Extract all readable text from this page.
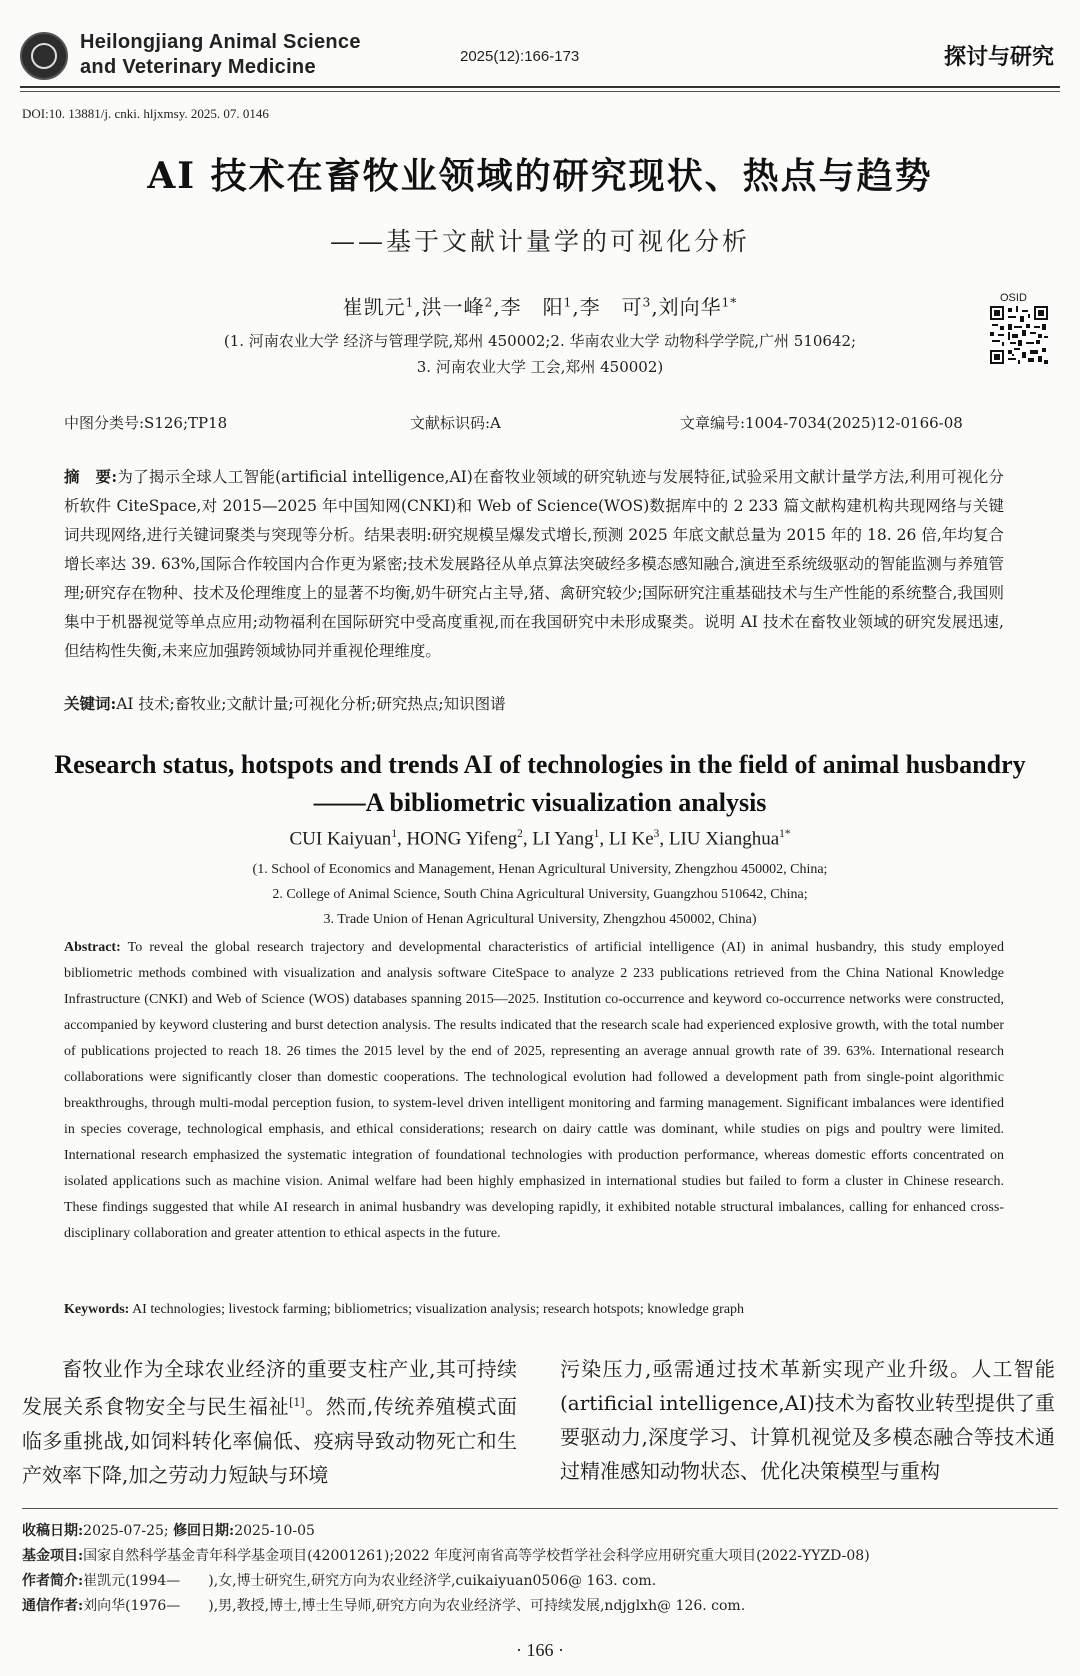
Heilongjiang Animal Science
and Veterinary Medicine	2025(12):166-173	探讨与研究
DOI:10. 13881/j. cnki. hljxmsy. 2025. 07. 0146
AI 技术在畜牧业领域的研究现状、热点与趋势
——基于文献计量学的可视化分析
崔凯元$^1$,洪一峰$^2$,李　阳$^1$,李　可$^3$,刘向华$^{1*}$
(1. 河南农业大学 经济与管理学院,郑州 450002;2. 华南农业大学 动物科学学院,广州 510642;
3. 河南农业大学 工会,郑州 450002)
OSID
中图分类号:S126;TP18	文献标识码:A	文章编号:1004-7034(2025)12-0166-08
摘　要:为了揭示全球人工智能(artificial intelligence,AI)在畜牧业领域的研究轨迹与发展特征,试验采用文献计量学方法,利用可视化分析软件 CiteSpace,对 2015—2025 年中国知网(CNKI)和 Web of Science(WOS)数据库中的 2 233 篇文献构建机构共现网络与关键词共现网络,进行关键词聚类与突现等分析。结果表明:研究规模呈爆发式增长,预测 2025 年底文献总量为 2015 年的 18. 26 倍,年均复合增长率达 39. 63%,国际合作较国内合作更为紧密;技术发展路径从单点算法突破经多模态感知融合,演进至系统级驱动的智能监测与养殖管理;研究存在物种、技术及伦理维度上的显著不均衡,奶牛研究占主导,猪、禽研究较少;国际研究注重基础技术与生产性能的系统整合,我国则集中于机器视觉等单点应用;动物福利在国际研究中受高度重视,而在我国研究中未形成聚类。说明 AI 技术在畜牧业领域的研究发展迅速,但结构性失衡,未来应加强跨领域协同并重视伦理维度。
关键词:AI 技术;畜牧业;文献计量;可视化分析;研究热点;知识图谱
Research status, hotspots and trends AI of technologies in the field of animal husbandry
——A bibliometric visualization analysis
CUI Kaiyuan$^1$, HONG Yifeng$^2$, LI Yang$^1$, LI Ke$^3$, LIU Xianghua$^{1*}$
(1. School of Economics and Management, Henan Agricultural University, Zhengzhou 450002, China;
2. College of Animal Science, South China Agricultural University, Guangzhou 510642, China;
3. Trade Union of Henan Agricultural University, Zhengzhou 450002, China)
Abstract: To reveal the global research trajectory and developmental characteristics of artificial intelligence (AI) in animal husbandry, this study employed bibliometric methods combined with visualization and analysis software CiteSpace to analyze 2 233 publications retrieved from the China National Knowledge Infrastructure (CNKI) and Web of Science (WOS) databases spanning 2015—2025. Institution co-occurrence and keyword co-occurrence networks were constructed, accompanied by keyword clustering and burst detection analysis. The results indicated that the research scale had experienced explosive growth, with the total number of publications projected to reach 18. 26 times the 2015 level by the end of 2025, representing an average annual growth rate of 39. 63%. International research collaborations were significantly closer than domestic cooperations. The technological evolution had followed a development path from single-point algorithmic breakthroughs, through multi-modal perception fusion, to system-level driven intelligent monitoring and farming management. Significant imbalances were identified in species coverage, technological emphasis, and ethical considerations; research on dairy cattle was dominant, while studies on pigs and poultry were limited. International research emphasized the systematic integration of foundational technologies with production performance, whereas domestic efforts concentrated on isolated applications such as machine vision. Animal welfare had been highly emphasized in international studies but failed to form a cluster in Chinese research. These findings suggested that while AI research in animal husbandry was developing rapidly, it exhibited notable structural imbalances, calling for enhanced cross-disciplinary collaboration and greater attention to ethical aspects in the future.
Keywords: AI technologies; livestock farming; bibliometrics; visualization analysis; research hotspots; knowledge graph
畜牧业作为全球农业经济的重要支柱产业,其可持续发展关系食物安全与民生福祉[1]。然而,传统养殖模式面临多重挑战,如饲料转化率偏低、疫病导致动物死亡和生产效率下降,加之劳动力短缺与环境
污染压力,亟需通过技术革新实现产业升级。人工智能(artificial intelligence,AI)技术为畜牧业转型提供了重要驱动力,深度学习、计算机视觉及多模态融合等技术通过精准感知动物状态、优化决策模型与重构
收稿日期:2025-07-25; 修回日期:2025-10-05
基金项目:国家自然科学基金青年科学基金项目(42001261);2022 年度河南省高等学校哲学社会科学应用研究重大项目(2022-YYZD-08)
作者简介:崔凯元(1994—　　),女,博士研究生,研究方向为农业经济学,cuikaiyuan0506@ 163. com.
通信作者:刘向华(1976—　　),男,教授,博士,博士生导师,研究方向为农业经济学、可持续发展,ndjglxh@ 126. com.
· 166 ·
